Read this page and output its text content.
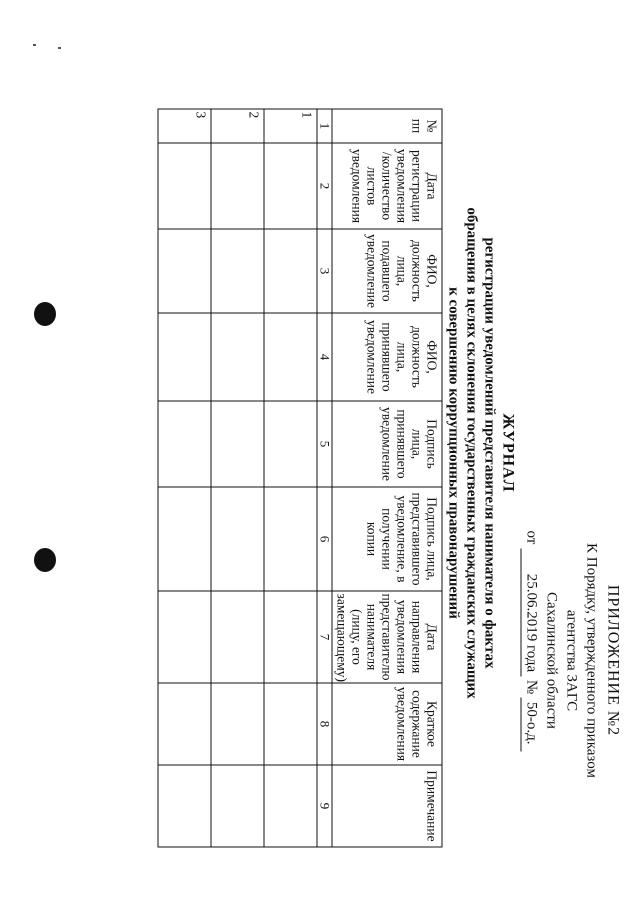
ПРИЛОЖЕНИЕ №2
К Порядку, утвержденного приказом
агентства ЗАГС
Сахалинской области
от 25.06.2019 года № 50-о.д.
ЖУРНАЛ
регистрации уведомлений представителя нанимателя о фактах
обращения в целях склонения государственных гражданских служащих
к совершению коррупционных правонарушений
№ пп	Дата регистрации уведомления /количество листов уведомления	ФИО, должность лица, подавшего уведомление	ФИО, должность лица, принявшего уведомление	Подпись лица, принявшего уведомление	Подпись лица, представившего уведомление, в получении копии	Дата направления уведомления представителю нанимателя (лицу, его замещающему)	Краткое содержание уведомления	Примечание
1	2	3	4	5	6	7	8	9
1								
2								
3								
